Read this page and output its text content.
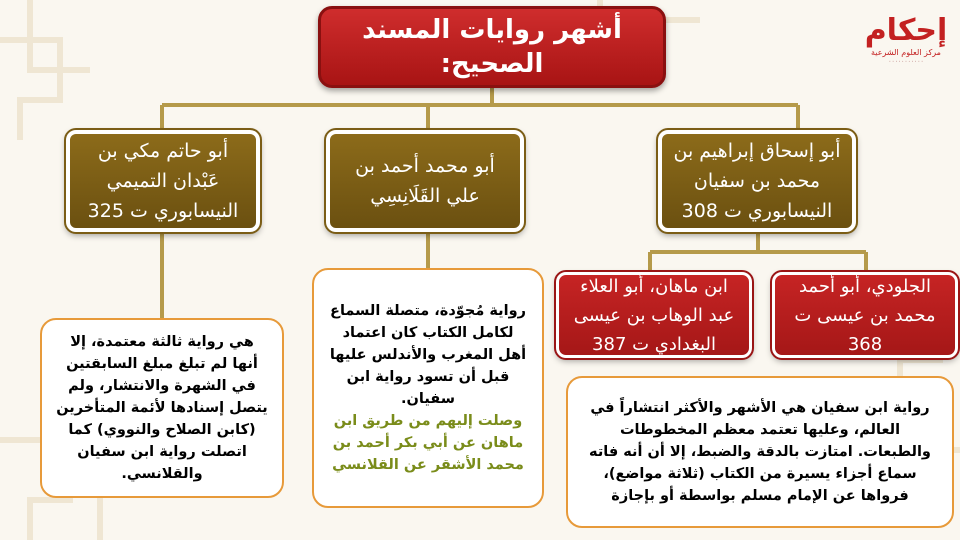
إحكام
مركز العلوم الشرعية
٠٠٠٠٠٠٠٠٠٠٠
أشهر روايات المسند الصحيح:
أبو إسحاق إبراهيم بن محمد بن سفيان النيسابوري ت 308
أبو محمد أحمد بن علي القَلَانِسِي
أبو حاتم مكي بن عَبْدان التميمي النيسابوري ت 325
الجلودي، أبو أحمد محمد بن عيسى ت 368
ابن ماهان، أبو العلاء عبد الوهاب بن عيسى البغدادي ت 387
رواية ابن سفيان هي الأشهر والأكثر انتشاراً في العالم، وعليها تعتمد معظم المخطوطات والطبعات. امتازت بالدقة والضبط، إلا أن أنه فاته سماع أجزاء يسيرة من الكتاب (ثلاثة مواضع)، فرواها عن الإمام مسلم بواسطة أو بإجازة
رواية مُجوّدة، متصلة السماع لكامل الكتاب كان اعتماد أهل المغرب والأندلس عليها قبل أن تسود رواية ابن سفيان.
وصلت إليهم من طريق ابن ماهان عن أبي بكر أحمد بن محمد الأشقر عن القلانسي
هي رواية ثالثة معتمدة، إلا أنها لم تبلغ مبلغ السابقتين في الشهرة والانتشار، ولم يتصل إسنادها لأئمة المتأخرين (كابن الصلاح والنووي) كما اتصلت رواية ابن سفيان والقلانسي.
